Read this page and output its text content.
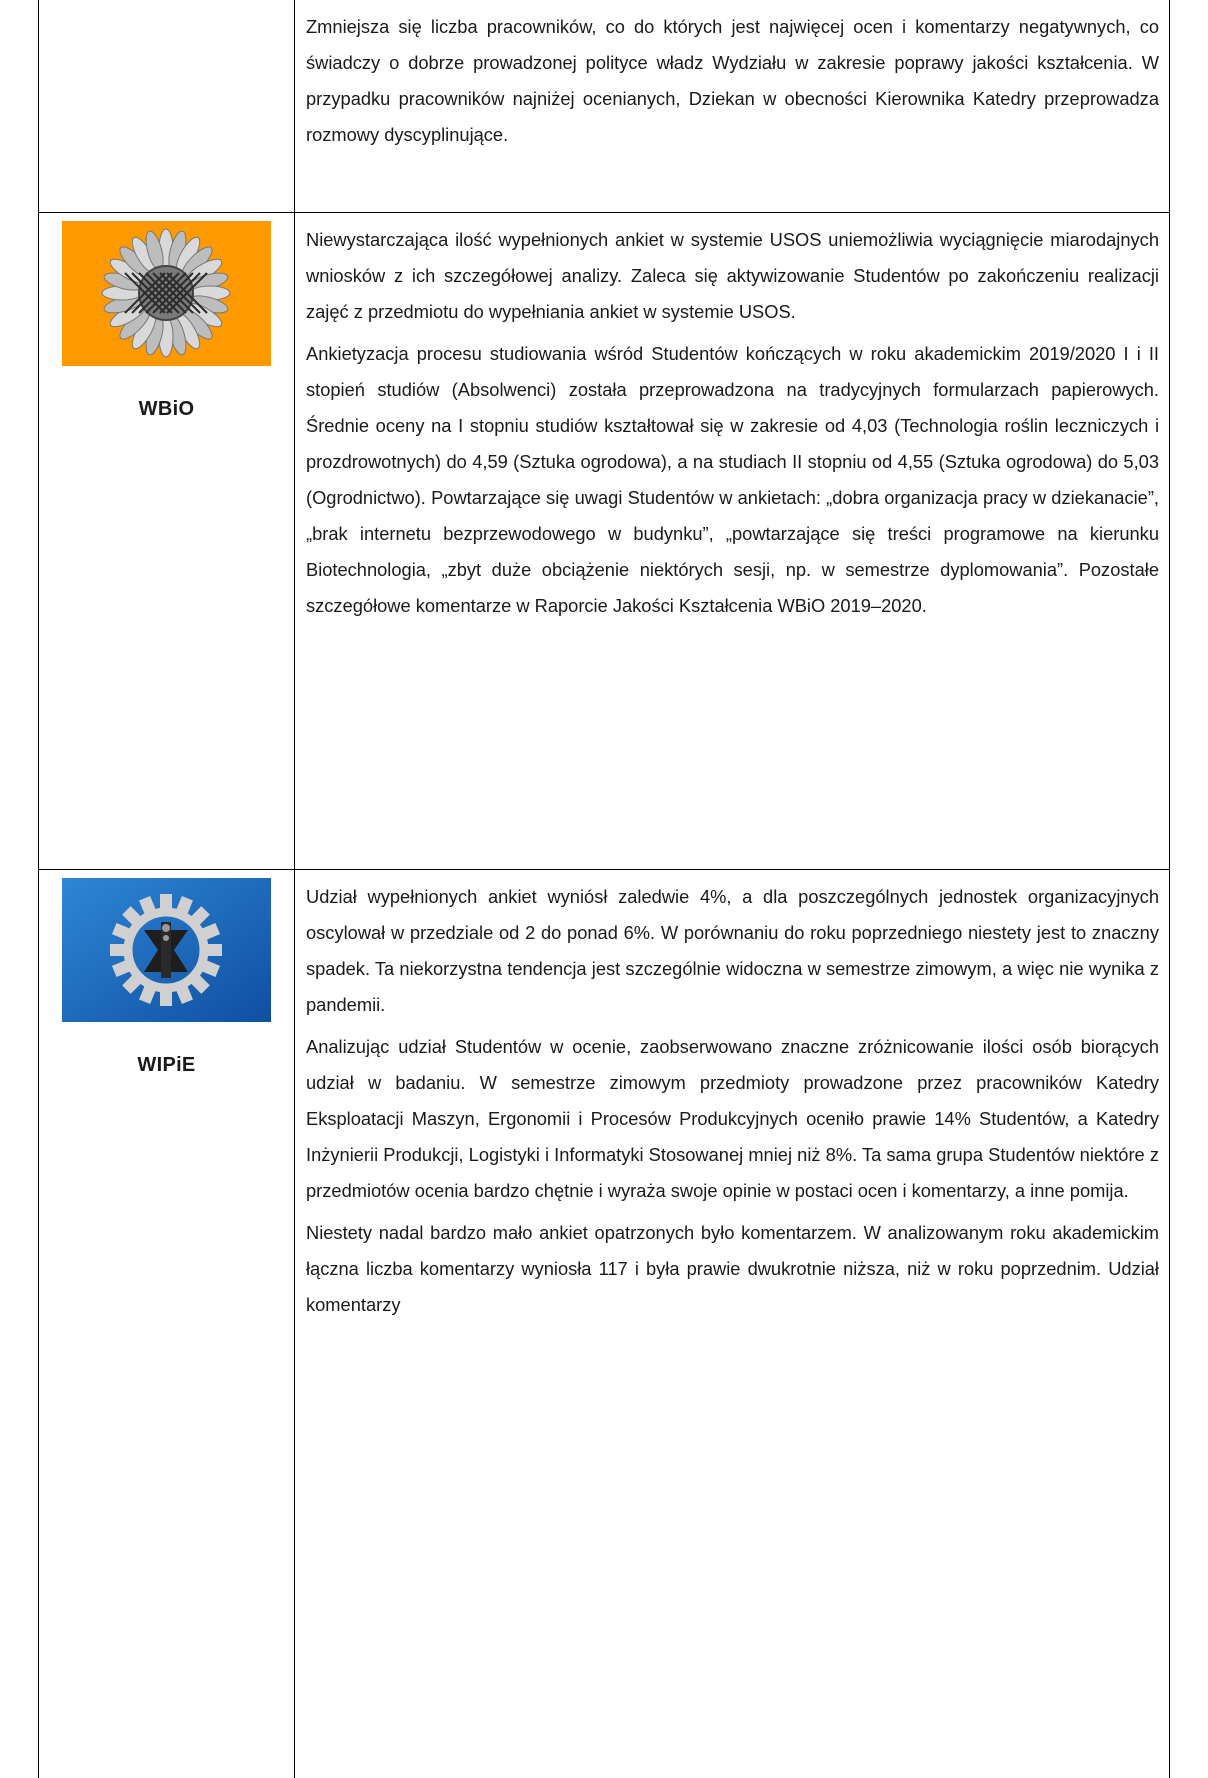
Zmniejsza się liczba pracowników, co do których jest najwięcej ocen i komentarzy negatywnych, co świadczy o dobrze prowadzonej polityce władz Wydziału w zakresie poprawy jakości kształcenia. W przypadku pracowników najniżej ocenianych, Dziekan w obecności Kierownika Katedry przeprowadza rozmowy dyscyplinujące.

WBiO

Niewystarczająca ilość wypełnionych ankiet w systemie USOS uniemożliwia wyciągnięcie miarodajnych wniosków z ich szczegółowej analizy. Zaleca się aktywizowanie Studentów po zakończeniu realizacji zajęć z przedmiotu do wypełniania ankiet w systemie USOS.

Ankietyzacja procesu studiowania wśród Studentów kończących w roku akademickim 2019/2020 I i II stopień studiów (Absolwenci) została przeprowadzona na tradycyjnych formularzach papierowych. Średnie oceny na I stopniu studiów kształtował się w zakresie od 4,03 (Technologia roślin leczniczych i prozdrowotnych) do 4,59 (Sztuka ogrodowa), a na studiach II stopniu od 4,55 (Sztuka ogrodowa) do 5,03 (Ogrodnictwo). Powtarzające się uwagi Studentów w ankietach: „dobra organizacja pracy w dziekanacie”, „brak internetu bezprzewodowego w budynku”, „powtarzające się treści programowe na kierunku Biotechnologia, „zbyt duże obciążenie niektórych sesji, np. w semestrze dyplomowania”. Pozostałe szczegółowe komentarze w Raporcie Jakości Kształcenia WBiO 2019–2020.

WIPiE

Udział wypełnionych ankiet wyniósł zaledwie 4%, a dla poszczególnych jednostek organizacyjnych oscylował w przedziale od 2 do ponad 6%. W porównaniu do roku poprzedniego niestety jest to znaczny spadek. Ta niekorzystna tendencja jest szczególnie widoczna w semestrze zimowym, a więc nie wynika z pandemii.

Analizując udział Studentów w ocenie, zaobserwowano znaczne zróżnicowanie ilości osób biorących udział w badaniu. W semestrze zimowym przedmioty prowadzone przez pracowników Katedry Eksploatacji Maszyn, Ergonomii i Procesów Produkcyjnych oceniło prawie 14% Studentów, a Katedry Inżynierii Produkcji, Logistyki i Informatyki Stosowanej mniej niż 8%. Ta sama grupa Studentów niektóre z przedmiotów ocenia bardzo chętnie i wyraża swoje opinie w postaci ocen i komentarzy, a inne pomija.

Niestety nadal bardzo mało ankiet opatrzonych było komentarzem. W analizowanym roku akademickim łączna liczba komentarzy wyniosła 117 i była prawie dwukrotnie niższa, niż w roku poprzednim. Udział komentarzy
